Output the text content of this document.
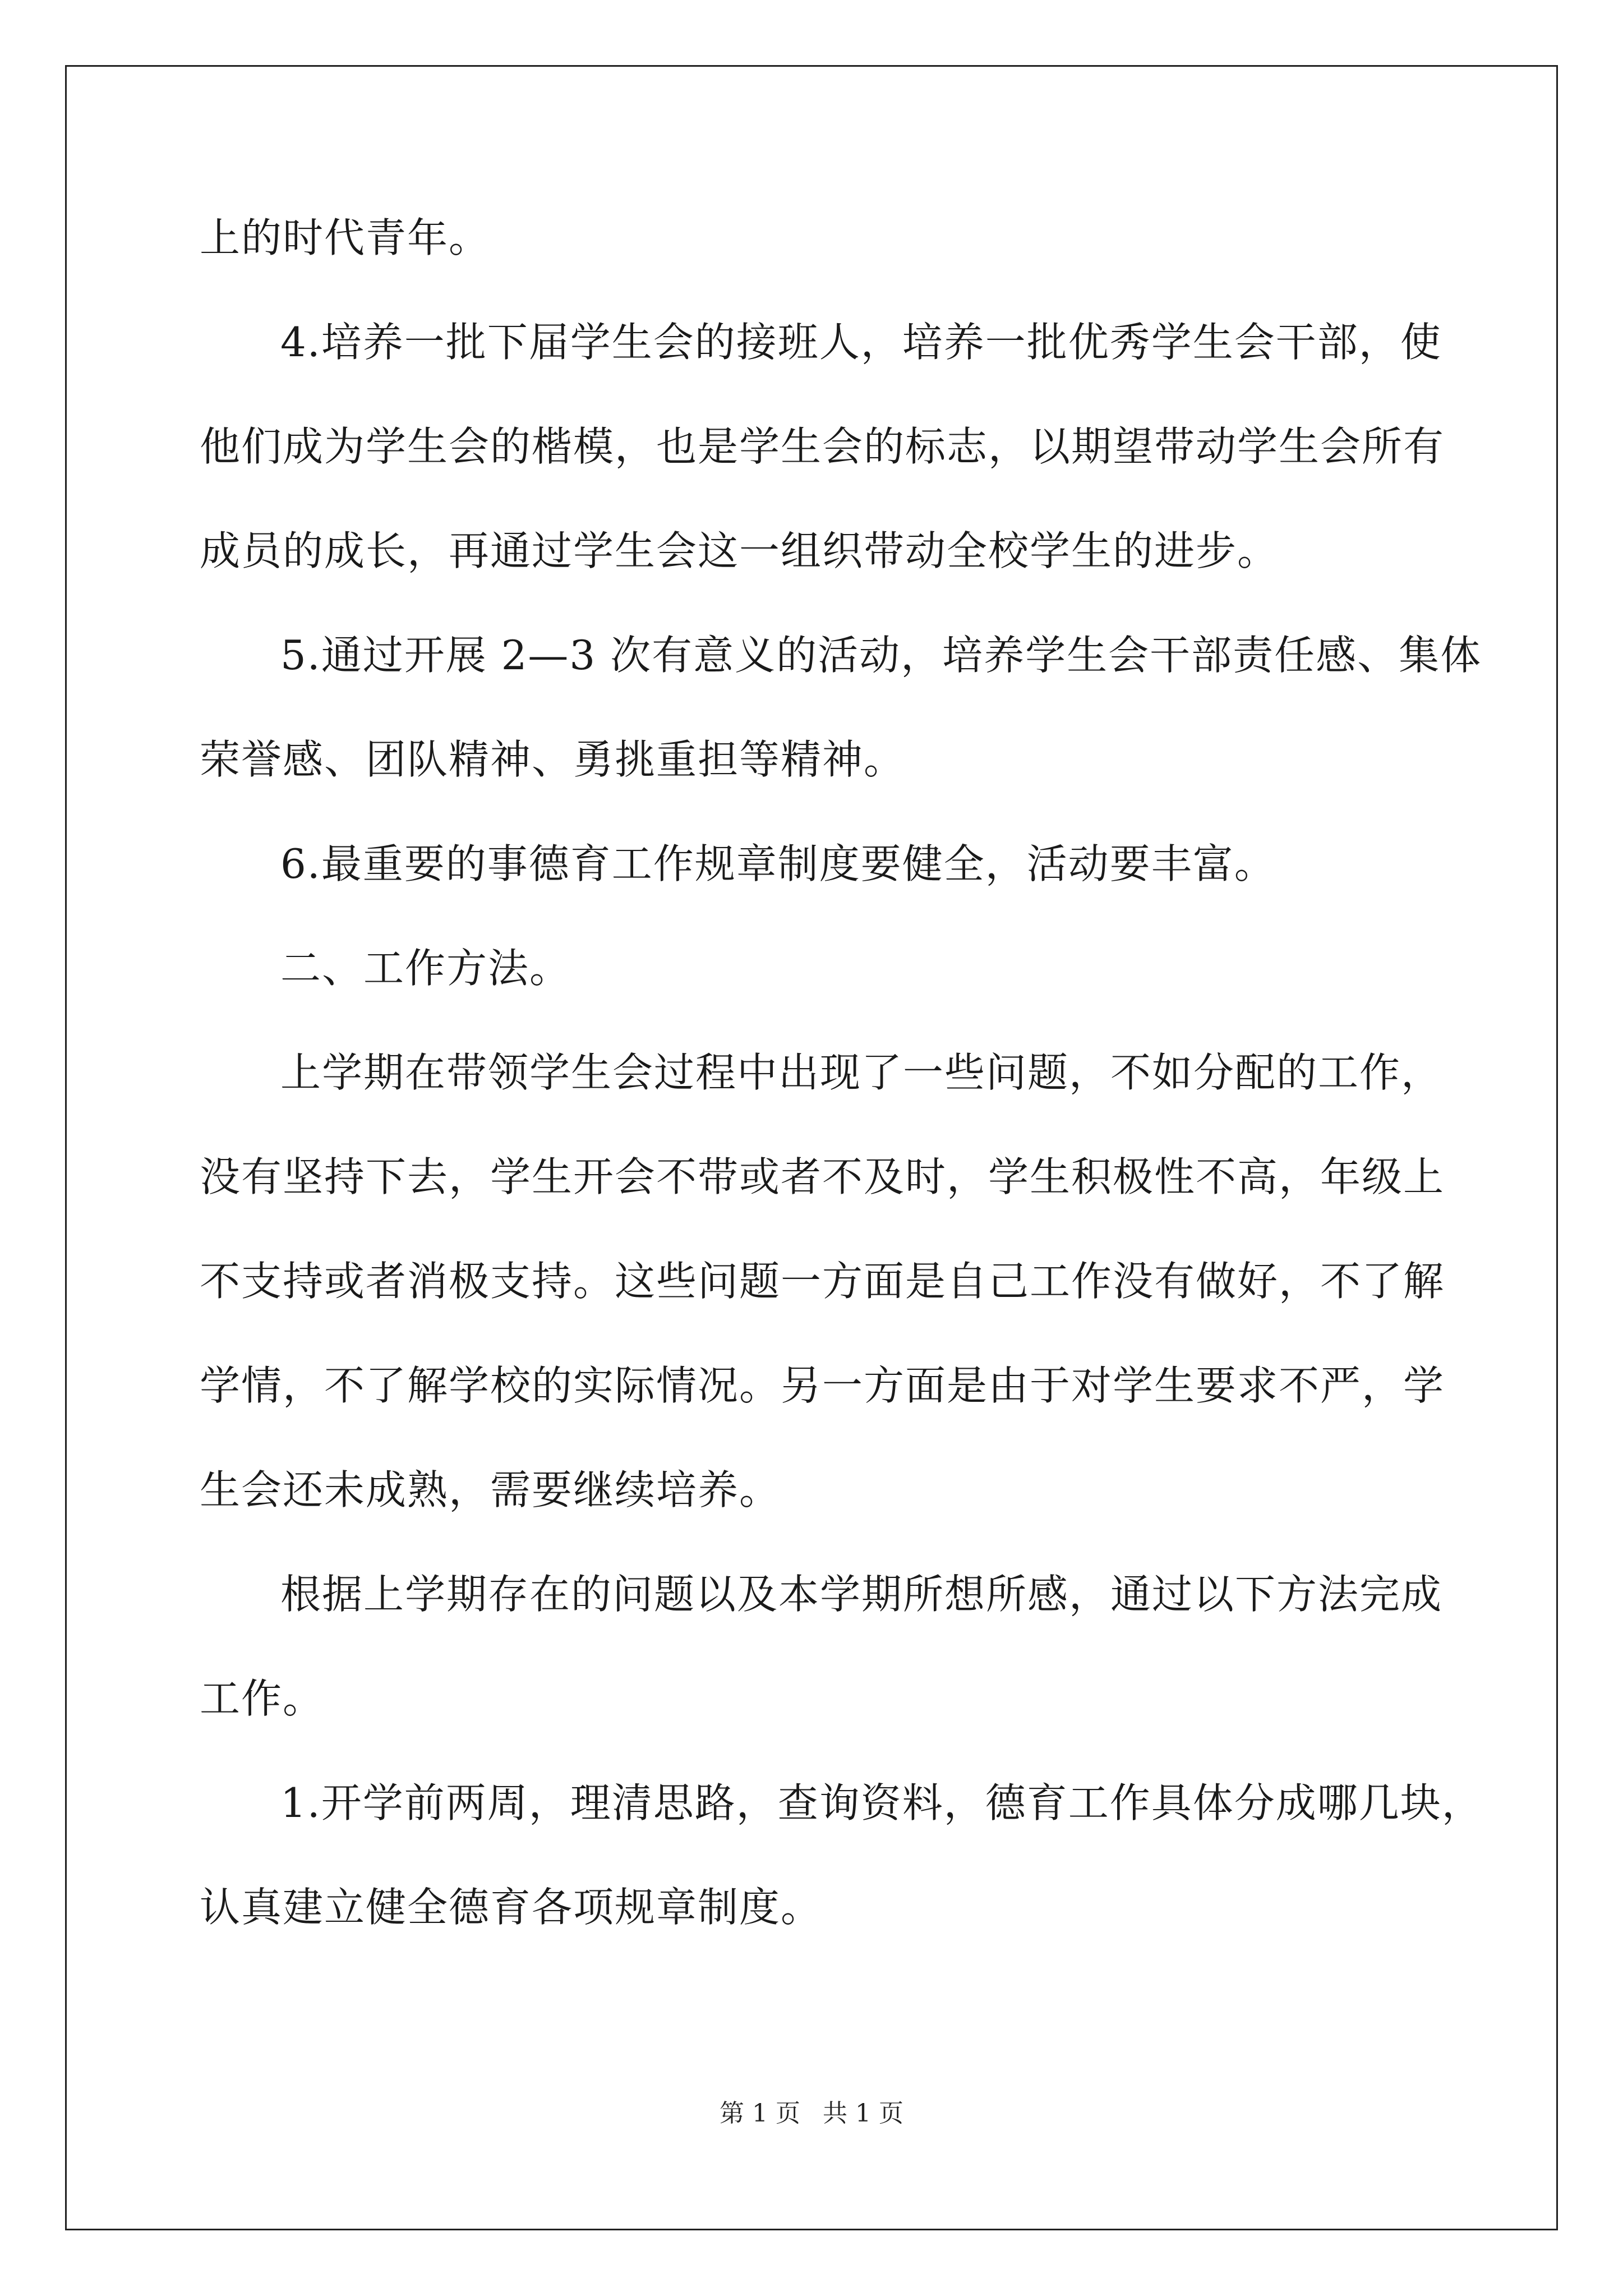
上的时代青年。
4.培养一批下届学生会的接班人，培养一批优秀学生会干部，使
他们成为学生会的楷模，也是学生会的标志，以期望带动学生会所有
成员的成长，再通过学生会这一组织带动全校学生的进步。
5.通过开展 2—3 次有意义的活动，培养学生会干部责任感、集体
荣誉感、团队精神、勇挑重担等精神。
6.最重要的事德育工作规章制度要健全，活动要丰富。
二、工作方法。
上学期在带领学生会过程中出现了一些问题，不如分配的工作，
没有坚持下去，学生开会不带或者不及时，学生积极性不高，年级上
不支持或者消极支持。这些问题一方面是自己工作没有做好，不了解
学情，不了解学校的实际情况。另一方面是由于对学生要求不严，学
生会还未成熟，需要继续培养。
根据上学期存在的问题以及本学期所想所感，通过以下方法完成
工作。
1.开学前两周，理清思路，查询资料，德育工作具体分成哪几块，
认真建立健全德育各项规章制度。
第 1 页 共 1 页
